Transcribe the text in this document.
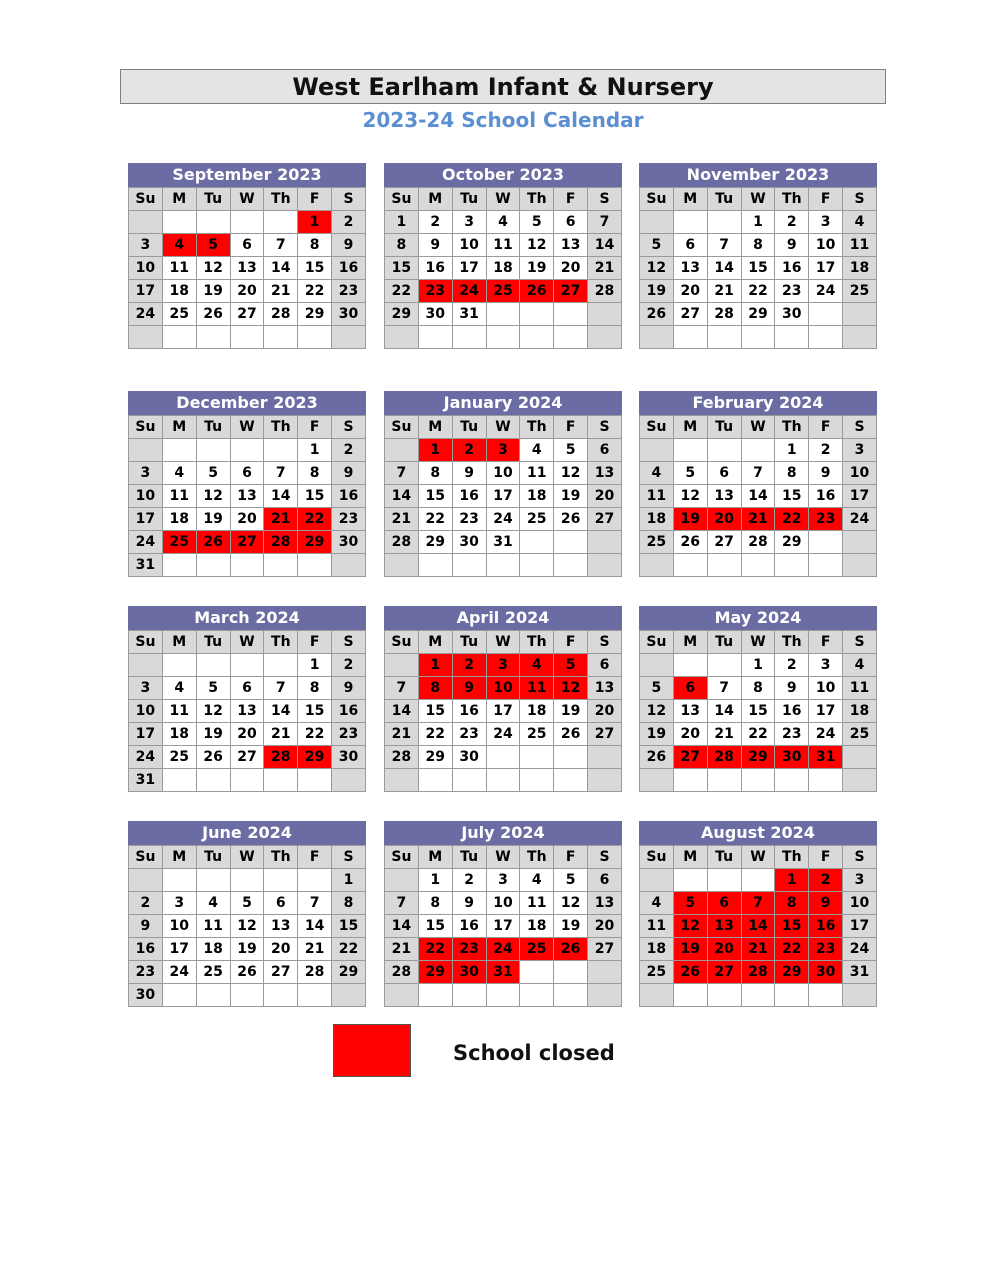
West Earlham Infant & Nursery
2023-24 School Calendar
September 2023
Su	M	Tu	W	Th	F	S
					1	2
3	4	5	6	7	8	9
10	11	12	13	14	15	16
17	18	19	20	21	22	23
24	25	26	27	28	29	30

October 2023
Su	M	Tu	W	Th	F	S
1	2	3	4	5	6	7
8	9	10	11	12	13	14
15	16	17	18	19	20	21
22	23	24	25	26	27	28
29	30	31				

November 2023
Su	M	Tu	W	Th	F	S
			1	2	3	4
5	6	7	8	9	10	11
12	13	14	15	16	17	18
19	20	21	22	23	24	25
26	27	28	29	30		

December 2023
Su	M	Tu	W	Th	F	S
					1	2
3	4	5	6	7	8	9
10	11	12	13	14	15	16
17	18	19	20	21	22	23
24	25	26	27	28	29	30
31						
January 2024
Su	M	Tu	W	Th	F	S
	1	2	3	4	5	6
7	8	9	10	11	12	13
14	15	16	17	18	19	20
21	22	23	24	25	26	27
28	29	30	31			

February 2024
Su	M	Tu	W	Th	F	S
				1	2	3
4	5	6	7	8	9	10
11	12	13	14	15	16	17
18	19	20	21	22	23	24
25	26	27	28	29		

March 2024
Su	M	Tu	W	Th	F	S
					1	2
3	4	5	6	7	8	9
10	11	12	13	14	15	16
17	18	19	20	21	22	23
24	25	26	27	28	29	30
31						
April 2024
Su	M	Tu	W	Th	F	S
	1	2	3	4	5	6
7	8	9	10	11	12	13
14	15	16	17	18	19	20
21	22	23	24	25	26	27
28	29	30				

May 2024
Su	M	Tu	W	Th	F	S
			1	2	3	4
5	6	7	8	9	10	11
12	13	14	15	16	17	18
19	20	21	22	23	24	25
26	27	28	29	30	31	

June 2024
Su	M	Tu	W	Th	F	S
						1
2	3	4	5	6	7	8
9	10	11	12	13	14	15
16	17	18	19	20	21	22
23	24	25	26	27	28	29
30						
July 2024
Su	M	Tu	W	Th	F	S
	1	2	3	4	5	6
7	8	9	10	11	12	13
14	15	16	17	18	19	20
21	22	23	24	25	26	27
28	29	30	31			

August 2024
Su	M	Tu	W	Th	F	S
				1	2	3
4	5	6	7	8	9	10
11	12	13	14	15	16	17
18	19	20	21	22	23	24
25	26	27	28	29	30	31

School closed
